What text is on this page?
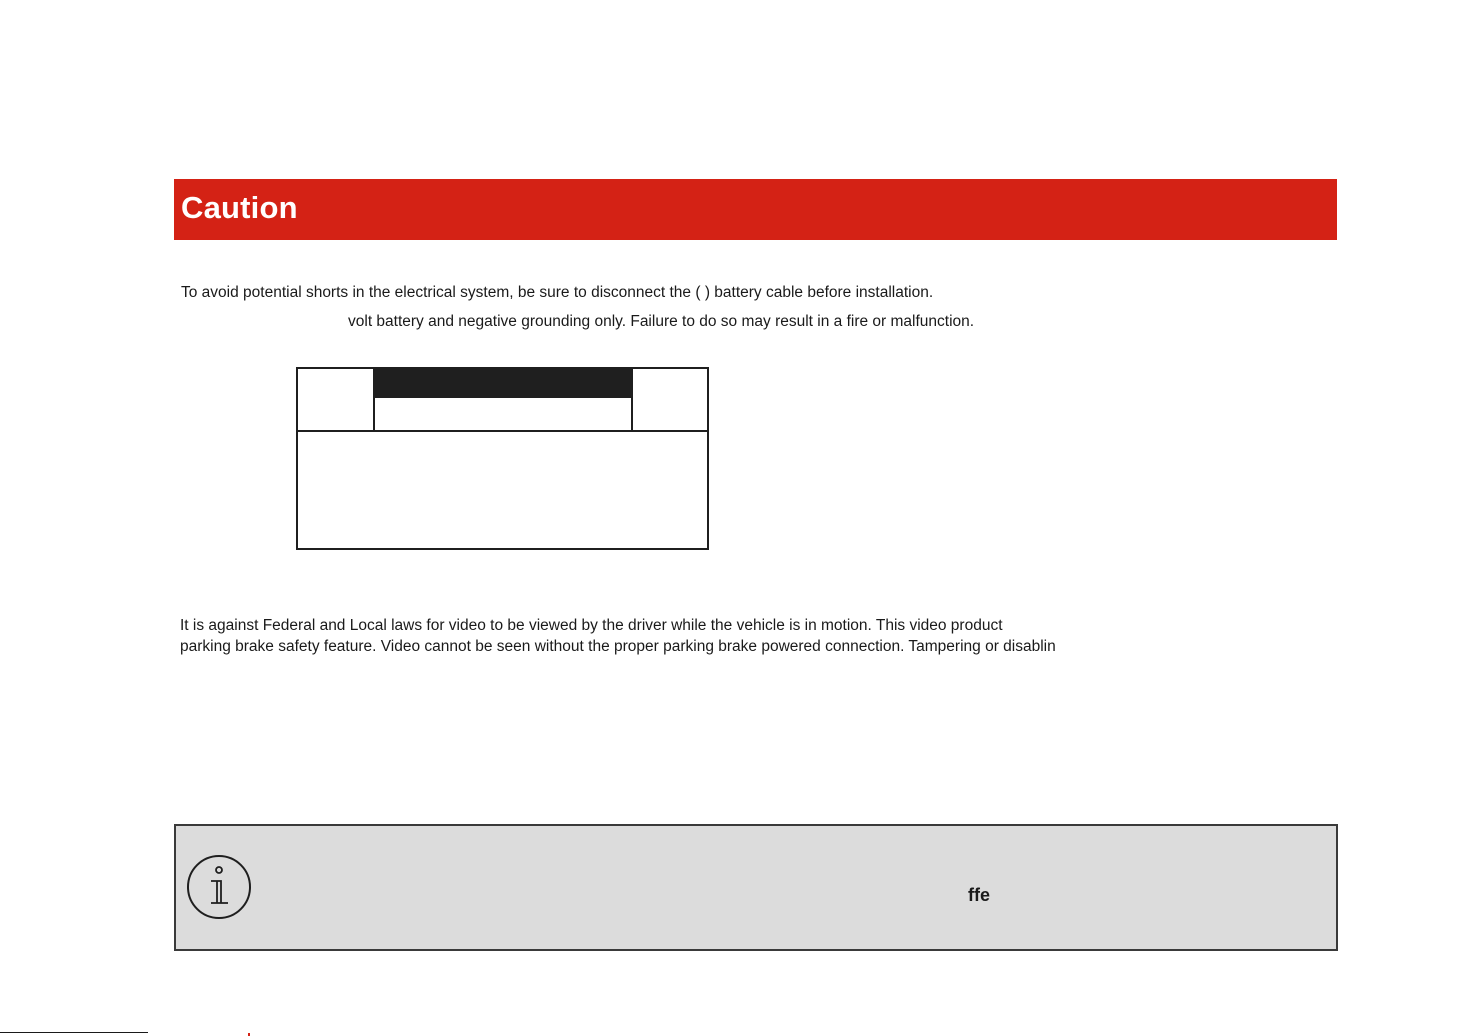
Caution
To avoid potential shorts in the electrical system, be sure to disconnect the ( ) battery cable before installation.
volt battery and negative grounding only. Failure to do so may result in a fire or malfunction.
It is against Federal and Local laws for video to be viewed by the driver while the vehicle is in motion. This video product
parking brake safety feature. Video cannot be seen without the proper parking brake powered connection. Tampering or disablin
ffe
